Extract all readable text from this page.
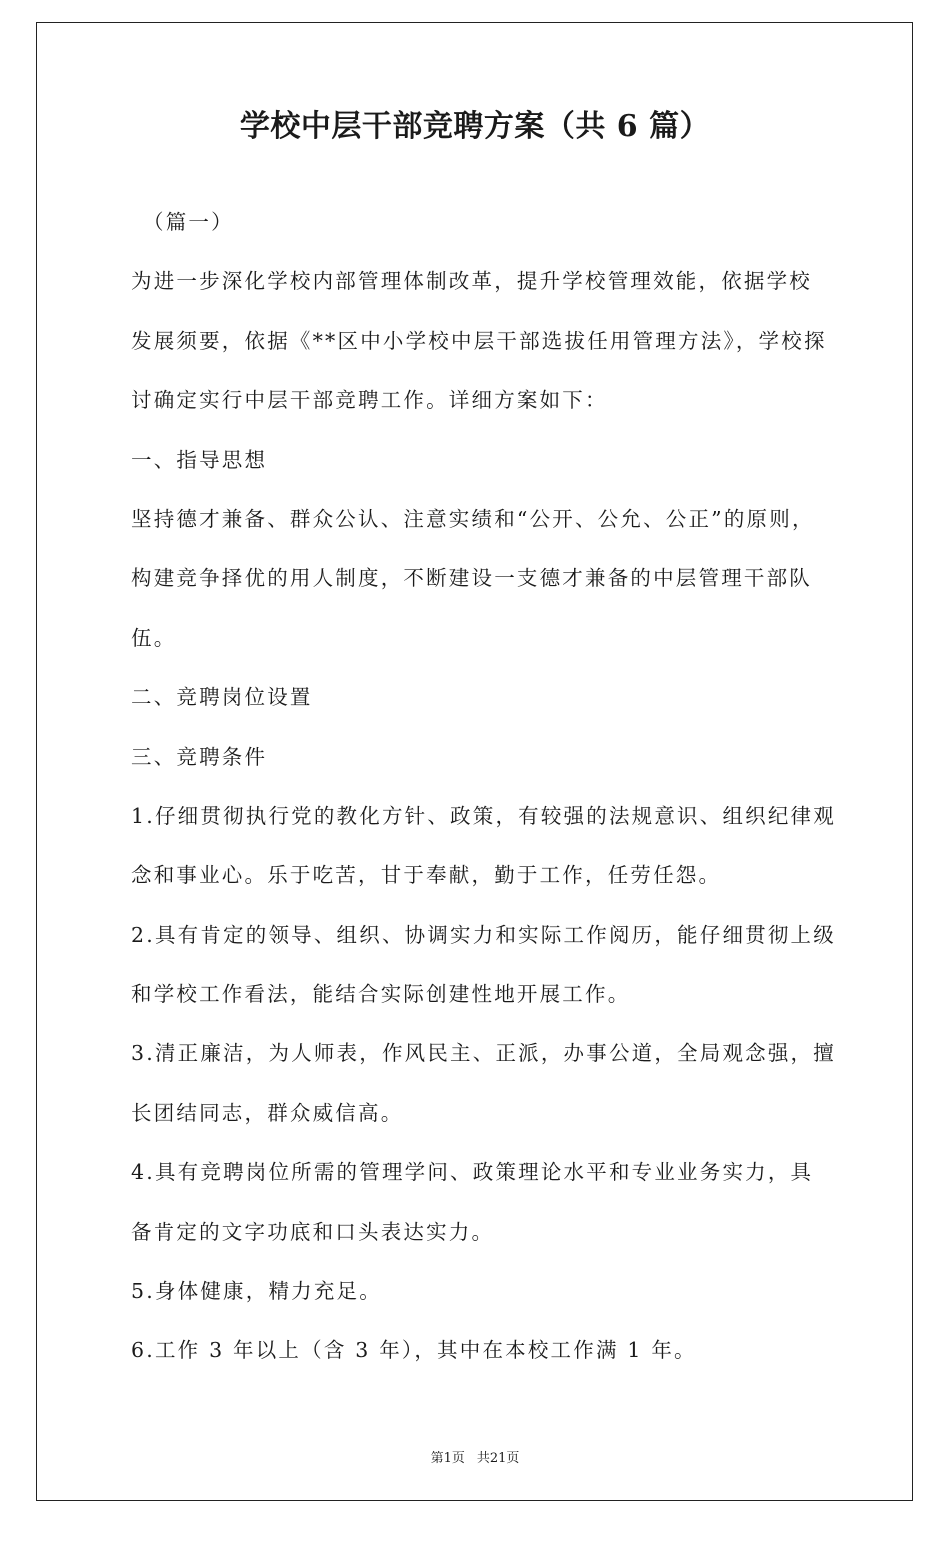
学校中层干部竞聘方案（共 6 篇）

（篇一）

为进一步深化学校内部管理体制改革，提升学校管理效能，依据学校

发展须要，依据《**区中小学校中层干部选拔任用管理方法》，学校探

讨确定实行中层干部竞聘工作。详细方案如下：

一、指导思想

坚持德才兼备、群众公认、注意实绩和“公开、公允、公正”的原则，

构建竞争择优的用人制度，不断建设一支德才兼备的中层管理干部队

伍。

二、竞聘岗位设置

三、竞聘条件

1.仔细贯彻执行党的教化方针、政策，有较强的法规意识、组织纪律观

念和事业心。乐于吃苦，甘于奉献，勤于工作，任劳任怨。

2.具有肯定的领导、组织、协调实力和实际工作阅历，能仔细贯彻上级

和学校工作看法，能结合实际创建性地开展工作。

3.清正廉洁，为人师表，作风民主、正派，办事公道，全局观念强，擅

长团结同志，群众威信高。

4.具有竞聘岗位所需的管理学问、政策理论水平和专业业务实力，具

备肯定的文字功底和口头表达实力。

5.身体健康，精力充足。

6.工作 3 年以上（含 3 年），其中在本校工作满 1 年。

第1页 共21页
